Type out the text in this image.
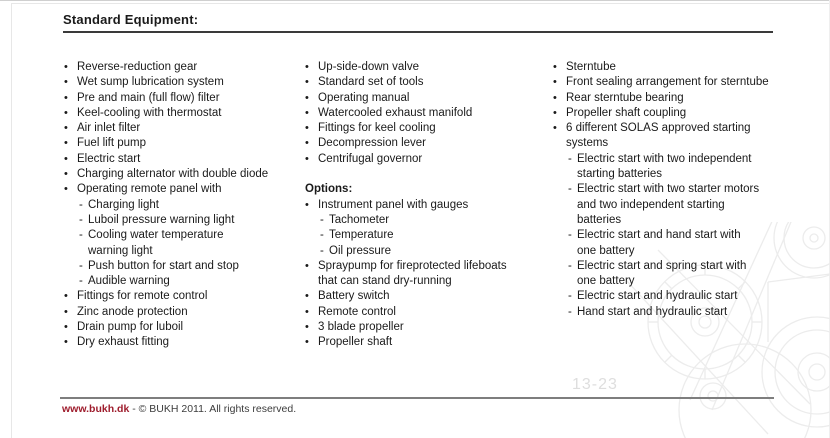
Standard Equipment:
• Reverse-reduction gear
• Wet sump lubrication system
• Pre and main (full flow) filter
• Keel-cooling with thermostat
• Air inlet filter
• Fuel lift pump
• Electric start
• Charging alternator with double diode
• Operating remote panel with
- Charging light
- Luboil pressure warning light
- Cooling water temperature
warning light
- Push button for start and stop
- Audible warning
• Fittings for remote control
• Zinc anode protection
• Drain pump for luboil
• Dry exhaust fitting
• Up-side-down valve
• Standard set of tools
• Operating manual
• Watercooled exhaust manifold
• Fittings for keel cooling
• Decompression lever
• Centrifugal governor
Options:
• Instrument panel with gauges
- Tachometer
- Temperature
- Oil pressure
• Spraypump for fireprotected lifeboats
that can stand dry-running
• Battery switch
• Remote control
• 3 blade propeller
• Propeller shaft
• Sterntube
• Front sealing arrangement for sterntube
• Rear sterntube bearing
• Propeller shaft coupling
• 6 different SOLAS approved starting
systems
- Electric start with two independent
starting batteries
- Electric start with two starter motors
and two independent starting
batteries
- Electric start and hand start with
one battery
- Electric start and spring start with
one battery
- Electric start and hydraulic start
- Hand start and hydraulic start
13-23
www.bukh.dk - © BUKH 2011. All rights reserved.
